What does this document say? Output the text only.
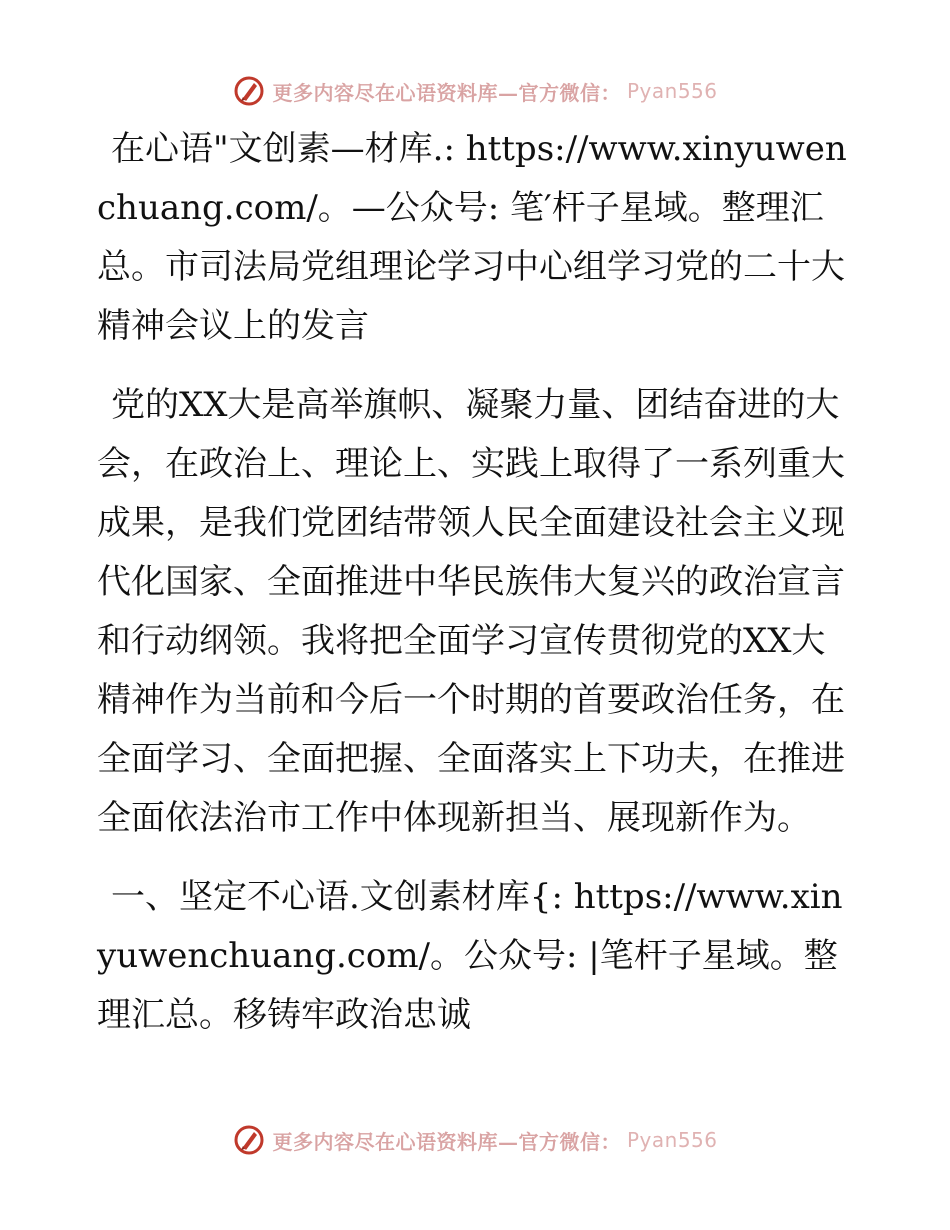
更多内容尽在心语资料库—官方微信： Pyan556

在心语"文创素—材库.: https://www.xinyuwenchuang.com/。—公众号: 笔′杆子星域。整理汇总。市司法局党组理论学习中心组学习党的二十大精神会议上的发言

党的XX大是高举旗帜、凝聚力量、团结奋进的大会，在政治上、理论上、实践上取得了一系列重大成果，是我们党团结带领人民全面建设社会主义现代化国家、全面推进中华民族伟大复兴的政治宣言和行动纲领。我将把全面学习宣传贯彻党的XX大精神作为当前和今后一个时期的首要政治任务，在全面学习、全面把握、全面落实上下功夫，在推进全面依法治市工作中体现新担当、展现新作为。

一、坚定不心语.文创素材库{: https://www.xinyuwenchuang.com/。公众号: |笔杆子星域。整理汇总。移铸牢政治忠诚

更多内容尽在心语资料库—官方微信： Pyan556
